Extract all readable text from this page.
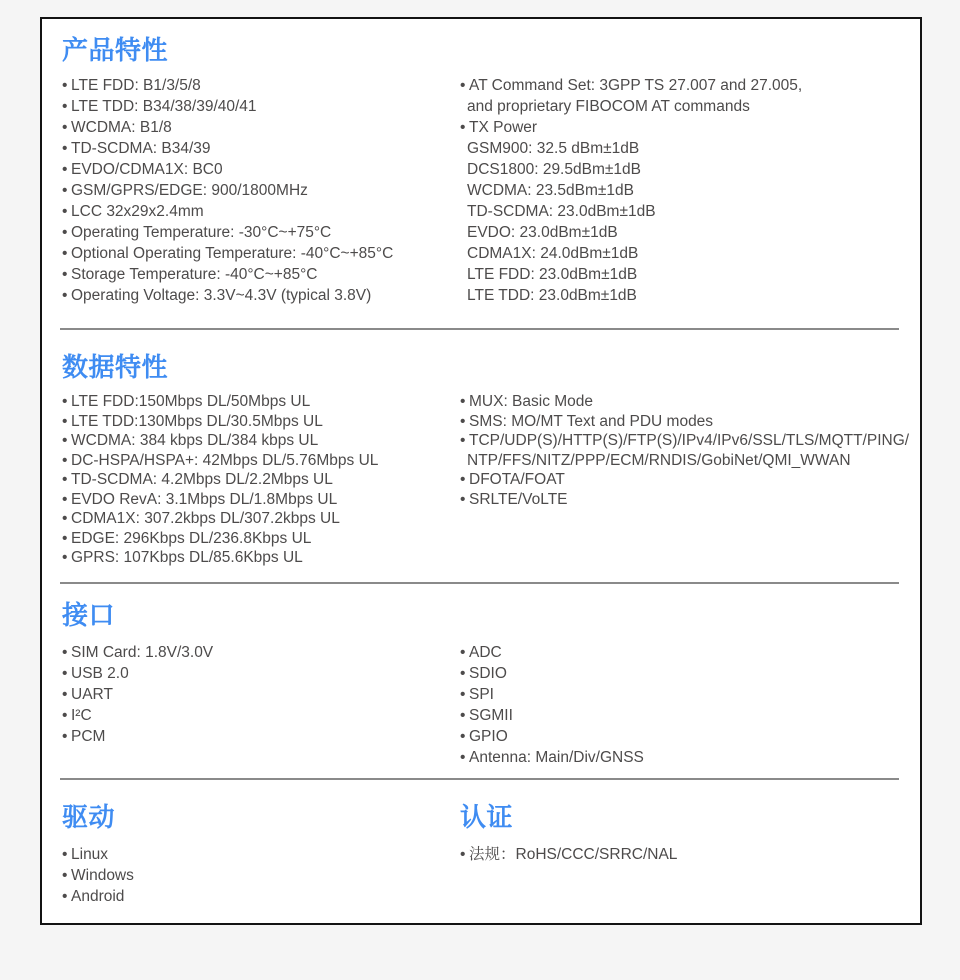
产品特性
• LTE FDD: B1/3/5/8
• LTE TDD: B34/38/39/40/41
• WCDMA: B1/8
• TD-SCDMA: B34/39
• EVDO/CDMA1X: BC0
• GSM/GPRS/EDGE: 900/1800MHz
• LCC 32x29x2.4mm
• Operating Temperature: -30°C~+75°C
• Optional Operating Temperature: -40°C~+85°C
• Storage Temperature: -40°C~+85°C
• Operating Voltage: 3.3V~4.3V (typical 3.8V)
• AT Command Set: 3GPP TS 27.007 and 27.005,
and proprietary FIBOCOM AT commands
• TX Power
GSM900: 32.5 dBm±1dB
DCS1800: 29.5dBm±1dB
WCDMA: 23.5dBm±1dB
TD-SCDMA: 23.0dBm±1dB
EVDO: 23.0dBm±1dB
CDMA1X: 24.0dBm±1dB
LTE FDD: 23.0dBm±1dB
LTE TDD: 23.0dBm±1dB
数据特性
• LTE FDD:150Mbps DL/50Mbps UL
• LTE TDD:130Mbps DL/30.5Mbps UL
• WCDMA: 384 kbps DL/384 kbps UL
• DC-HSPA/HSPA+: 42Mbps DL/5.76Mbps UL
• TD-SCDMA: 4.2Mbps DL/2.2Mbps UL
• EVDO RevA: 3.1Mbps DL/1.8Mbps UL
• CDMA1X: 307.2kbps DL/307.2kbps UL
• EDGE: 296Kbps DL/236.8Kbps UL
• GPRS: 107Kbps DL/85.6Kbps UL
• MUX: Basic Mode
• SMS: MO/MT Text and PDU modes
• TCP/UDP(S)/HTTP(S)/FTP(S)/IPv4/IPv6/SSL/TLS/MQTT/PING/
NTP/FFS/NITZ/PPP/ECM/RNDIS/GobiNet/QMI_WWAN
• DFOTA/FOAT
• SRLTE/VoLTE
接口
• SIM Card: 1.8V/3.0V
• USB 2.0
• UART
• I²C
• PCM
• ADC
• SDIO
• SPI
• SGMII
• GPIO
• Antenna: Main/Div/GNSS
驱动
• Linux
• Windows
• Android
认证
• 法规：RoHS/CCC/SRRC/NAL
